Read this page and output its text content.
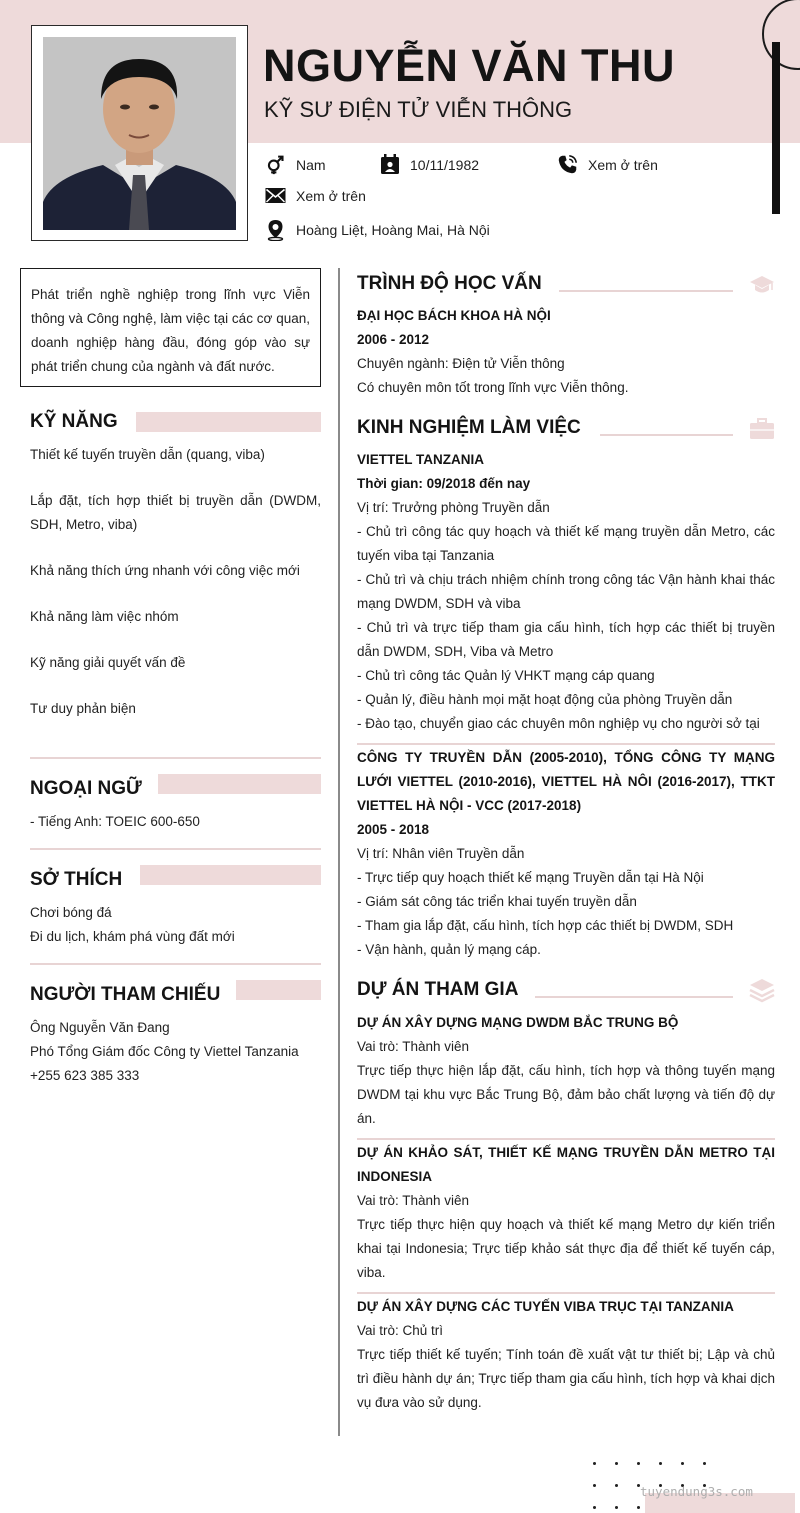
NGUYỄN VĂN THU
KỸ SƯ ĐIỆN TỬ VIỄN THÔNG
Nam	10/11/1982	Xem ở trên
Xem ở trên
Hoàng Liệt, Hoàng Mai, Hà Nội
Phát triển nghề nghiệp trong lĩnh vực Viễn thông và Công nghệ, làm việc tại các cơ quan, doanh nghiệp hàng đầu, đóng góp vào sự phát triển chung của ngành và đất nước.
KỸ NĂNG
Thiết kế tuyến truyền dẫn (quang, viba)
Lắp đặt, tích hợp thiết bị truyền dẫn (DWDM, SDH, Metro, viba)
Khả năng thích ứng nhanh với công việc mới
Khả năng làm việc nhóm
Kỹ năng giải quyết vấn đề
Tư duy phản biện
NGOẠI NGỮ
- Tiếng Anh: TOEIC 600-650
SỞ THÍCH
Chơi bóng đá
Đi du lịch, khám phá vùng đất mới
NGƯỜI THAM CHIẾU
Ông Nguyễn Văn Đang
Phó Tổng Giám đốc Công ty Viettel Tanzania
+255 623 385 333
TRÌNH ĐỘ HỌC VẤN
ĐẠI HỌC BÁCH KHOA HÀ NỘI
2006 - 2012
Chuyên ngành: Điện tử Viễn thông
Có chuyên môn tốt trong lĩnh vực Viễn thông.
KINH NGHIỆM LÀM VIỆC
VIETTEL TANZANIA
Thời gian: 09/2018 đến nay
Vị trí: Trưởng phòng Truyền dẫn
- Chủ trì công tác quy hoạch và thiết kế mạng truyền dẫn Metro, các tuyến viba tại Tanzania
- Chủ trì và chịu trách nhiệm chính trong công tác Vận hành khai thác mạng DWDM, SDH và viba
- Chủ trì và trực tiếp tham gia cấu hình, tích hợp các thiết bị truyền dẫn DWDM, SDH, Viba và Metro
- Chủ trì công tác Quản lý VHKT mạng cáp quang
- Quản lý, điều hành mọi mặt hoạt động của phòng Truyền dẫn
- Đào tạo, chuyển giao các chuyên môn nghiệp vụ cho người sở tại
CÔNG TY TRUYỀN DẪN (2005-2010), TỔNG CÔNG TY MẠNG LƯỚI VIETTEL (2010-2016), VIETTEL HÀ NÔI (2016-2017), TTKT VIETTEL HÀ NỘI - VCC (2017-2018)
2005 - 2018
Vị trí: Nhân viên Truyền dẫn
- Trực tiếp quy hoạch thiết kế mạng Truyền dẫn tại Hà Nội
- Giám sát công tác triển khai tuyến truyền dẫn
- Tham gia lắp đặt, cấu hình, tích hợp các thiết bị DWDM, SDH
- Vận hành, quản lý mạng cáp.
DỰ ÁN THAM GIA
DỰ ÁN XÂY DỰNG MẠNG DWDM BẮC TRUNG BỘ
Vai trò: Thành viên
Trực tiếp thực hiện lắp đặt, cấu hình, tích hợp và thông tuyến mạng DWDM tại khu vực Bắc Trung Bộ, đảm bảo chất lượng và tiến độ dự án.
DỰ ÁN KHẢO SÁT, THIẾT KẾ MẠNG TRUYỀN DẪN METRO TẠI INDONESIA
Vai trò: Thành viên
Trực tiếp thực hiện quy hoạch và thiết kế mạng Metro dự kiến triển khai tại Indonesia; Trực tiếp khảo sát thực địa để thiết kế tuyến cáp, viba.
DỰ ÁN XÂY DỰNG CÁC TUYẾN VIBA TRỤC TẠI TANZANIA
Vai trò: Chủ trì
Trực tiếp thiết kế tuyến; Tính toán đề xuất vật tư thiết bị; Lập và chủ trì điều hành dự án; Trực tiếp tham gia cấu hình, tích hợp và khai dịch vụ đưa vào sử dụng.
tuyendung3s.com
